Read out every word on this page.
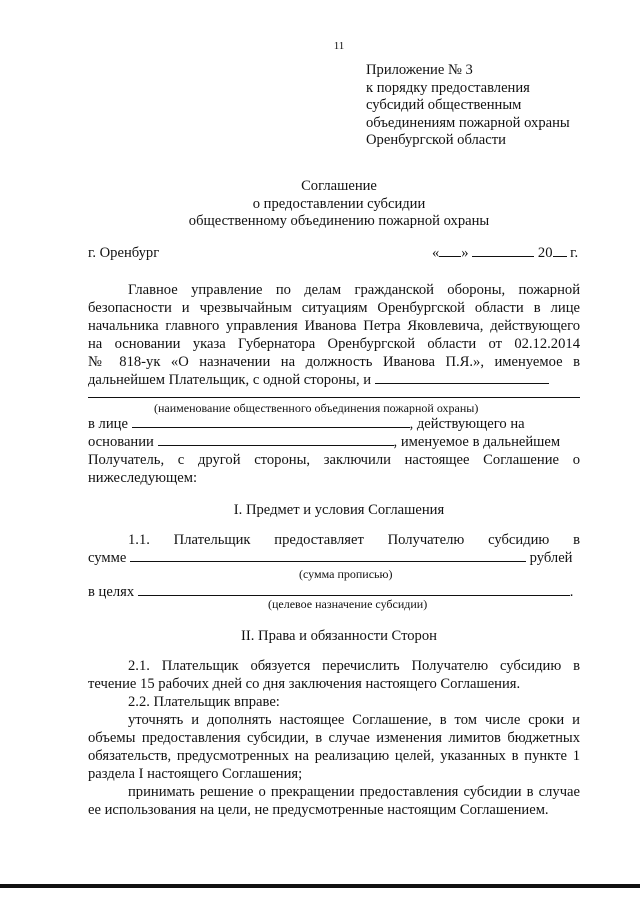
11
Приложение № 3
к порядку предоставления
субсидий общественным
объединениям пожарной охраны
Оренбургской области
Соглашение
о предоставлении субсидии
общественному объединению пожарной охраны
г. Оренбург	« »	20 г.
Главное управление по делам гражданской обороны, пожарной
безопасности и чрезвычайным ситуациям Оренбургской области в лице
начальника главного управления Иванова Петра Яковлевича, действующего
на основании указа Губернатора Оренбургской области от 02.12.2014
№ 818-ук «О назначении на должность Иванова П.Я.», именуемое в
дальнейшем Плательщик, с одной стороны, и
(наименование общественного объединения пожарной охраны)
в лице	, действующего на
основании	, именуемое в дальнейшем
Получатель, с другой стороны, заключили настоящее Соглашение о
нижеследующем:
I. Предмет и условия Соглашения
1.1. Плательщик предоставляет Получателю субсидию в
сумме	рублей
(сумма прописью)
в целях	.
(целевое назначение субсидии)
II. Права и обязанности Сторон
2.1. Плательщик обязуется перечислить Получателю субсидию в
течение 15 рабочих дней со дня заключения настоящего Соглашения.
2.2. Плательщик вправе:
уточнять и дополнять настоящее Соглашение, в том числе сроки и
объемы предоставления субсидии, в случае изменения лимитов бюджетных
обязательств, предусмотренных на реализацию целей, указанных в пункте 1
раздела I настоящего Соглашения;
принимать решение о прекращении предоставления субсидии в случае
ее использования на цели, не предусмотренные настоящим Соглашением.
